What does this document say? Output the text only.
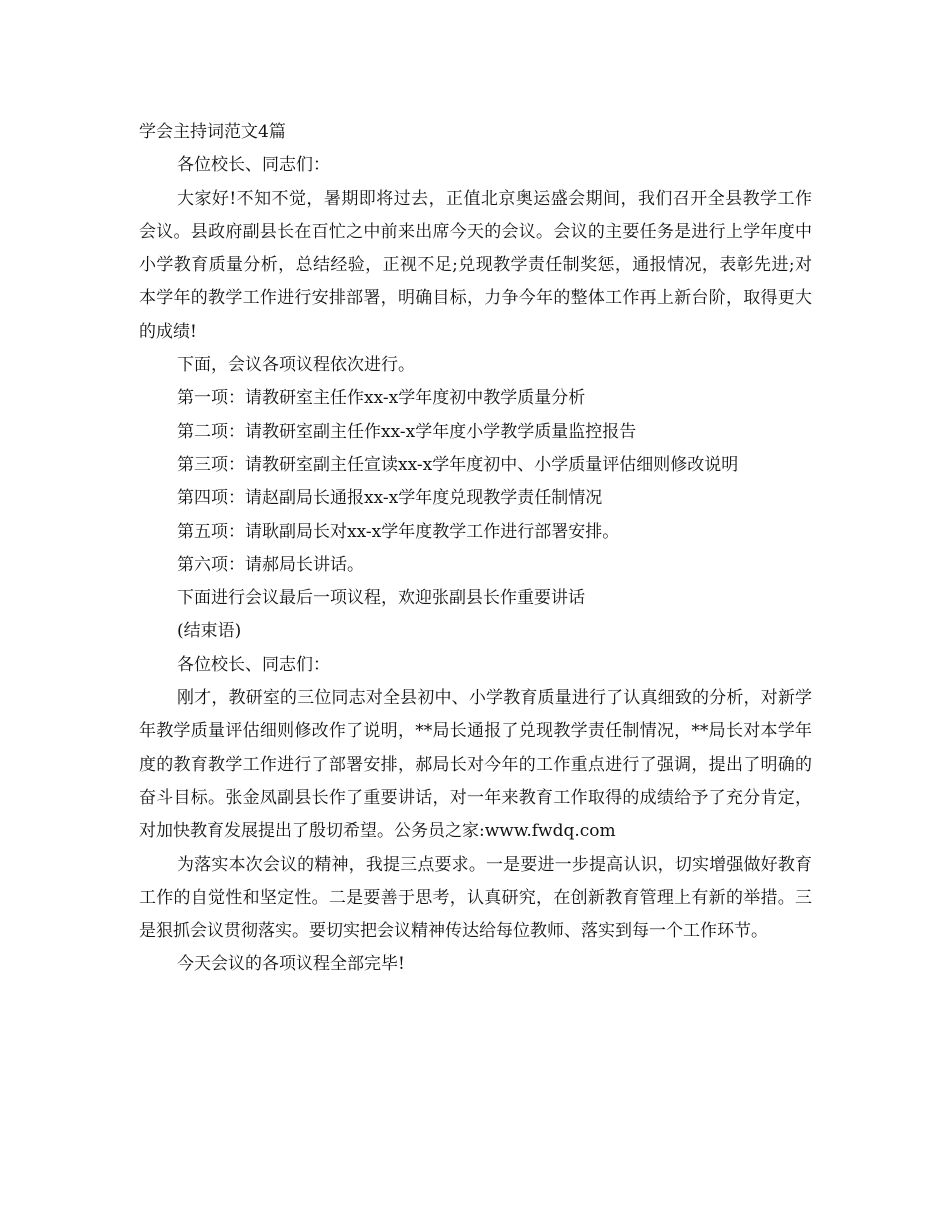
学会主持词范文4篇

各位校长、同志们：

大家好!不知不觉，暑期即将过去，正值北京奥运盛会期间，我们召开全县教学工作会议。县政府副县长在百忙之中前来出席今天的会议。会议的主要任务是进行上学年度中小学教育质量分析，总结经验，正视不足;兑现教学责任制奖惩，通报情况，表彰先进;对本学年的教学工作进行安排部署，明确目标，力争今年的整体工作再上新台阶，取得更大的成绩!

下面，会议各项议程依次进行。

第一项：请教研室主任作xx-x学年度初中教学质量分析

第二项：请教研室副主任作xx-x学年度小学教学质量监控报告

第三项：请教研室副主任宣读xx-x学年度初中、小学质量评估细则修改说明

第四项：请赵副局长通报xx-x学年度兑现教学责任制情况

第五项：请耿副局长对xx-x学年度教学工作进行部署安排。

第六项：请郝局长讲话。

下面进行会议最后一项议程，欢迎张副县长作重要讲话

(结束语)

各位校长、同志们：

刚才，教研室的三位同志对全县初中、小学教育质量进行了认真细致的分析，对新学年教学质量评估细则修改作了说明，**局长通报了兑现教学责任制情况，**局长对本学年度的教育教学工作进行了部署安排，郝局长对今年的工作重点进行了强调，提出了明确的奋斗目标。张金凤副县长作了重要讲话，对一年来教育工作取得的成绩给予了充分肯定，对加快教育发展提出了殷切希望。公务员之家:www.fwdq.com

为落实本次会议的精神，我提三点要求。一是要进一步提高认识，切实增强做好教育工作的自觉性和坚定性。二是要善于思考，认真研究，在创新教育管理上有新的举措。三是狠抓会议贯彻落实。要切实把会议精神传达给每位教师、落实到每一个工作环节。

今天会议的各项议程全部完毕!
